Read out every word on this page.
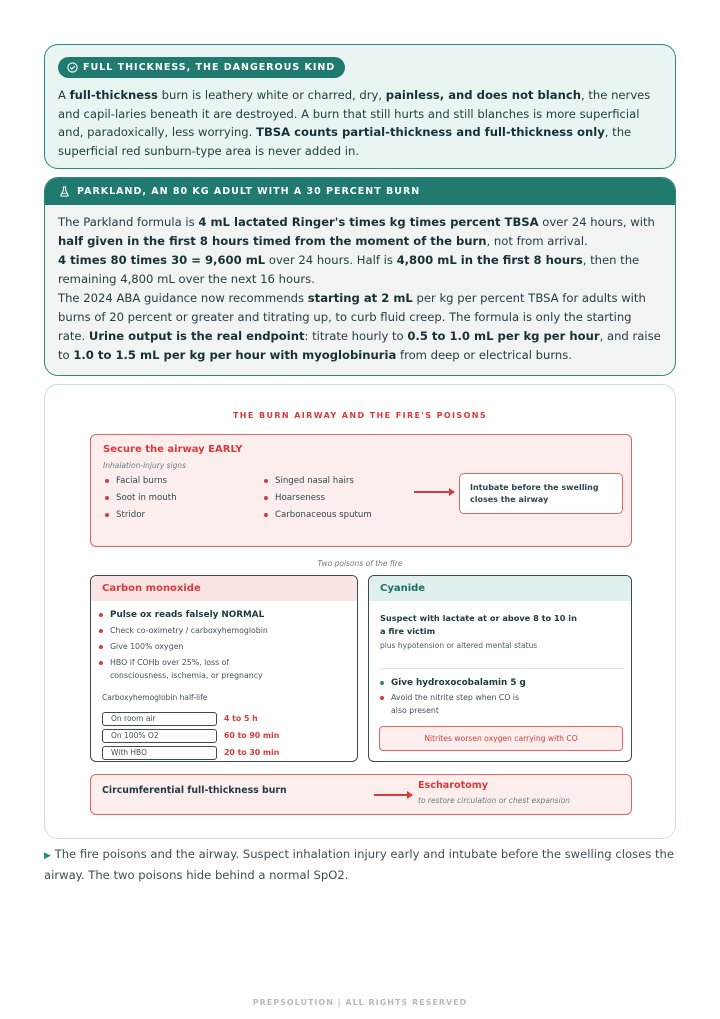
FULL THICKNESS, THE DANGEROUS KIND

A full-thickness burn is leathery white or charred, dry, painless, and does not blanch, the nerves and capil-laries beneath it are destroyed. A burn that still hurts and still blanches is more superficial and, paradoxically, less worrying. TBSA counts partial-thickness and full-thickness only, the superficial red sunburn-type area is never added in.

PARKLAND, AN 80 KG ADULT WITH A 30 PERCENT BURN

The Parkland formula is 4 mL lactated Ringer's times kg times percent TBSA over 24 hours, with half given in the first 8 hours timed from the moment of the burn, not from arrival.

4 times 80 times 30 = 9,600 mL over 24 hours. Half is 4,800 mL in the first 8 hours, then the remaining 4,800 mL over the next 16 hours.

The 2024 ABA guidance now recommends starting at 2 mL per kg per percent TBSA for adults with burns of 20 percent or greater and titrating up, to curb fluid creep. The formula is only the starting rate. Urine output is the real endpoint: titrate hourly to 0.5 to 1.0 mL per kg per hour, and raise to 1.0 to 1.5 mL per kg per hour with myoglobinuria from deep or electrical burns.

THE BURN AIRWAY AND THE FIRE'S POISONS
Secure the airway EARLY
Inhalation-injury signs
Facial burns
Soot in mouth
Stridor
Singed nasal hairs
Hoarseness
Carbonaceous sputum
Intubate before the swelling closes the airway
Two poisons of the fire
Carbon monoxide
Pulse ox reads falsely NORMAL
Check co-oximetry / carboxyhemoglobin
Give 100% oxygen
HBO if COHb over 25%, loss of consciousness, ischemia, or pregnancy
Carboxyhemoglobin half-life
On room air	4 to 5 h
On 100% O2	60 to 90 min
With HBO	20 to 30 min
Cyanide
Suspect with lactate at or above 8 to 10 in a fire victim
plus hypotension or altered mental status
Give hydroxocobalamin 5 g
Avoid the nitrite step when CO is also present
Nitrites worsen oxygen carrying with CO
Circumferential full-thickness burn	Escharotomy
to restore circulation or chest expansion

▶ The fire poisons and the airway. Suspect inhalation injury early and intubate before the swelling closes the airway. The two poisons hide behind a normal SpO2.

PREPSOLUTION | ALL RIGHTS RESERVED
